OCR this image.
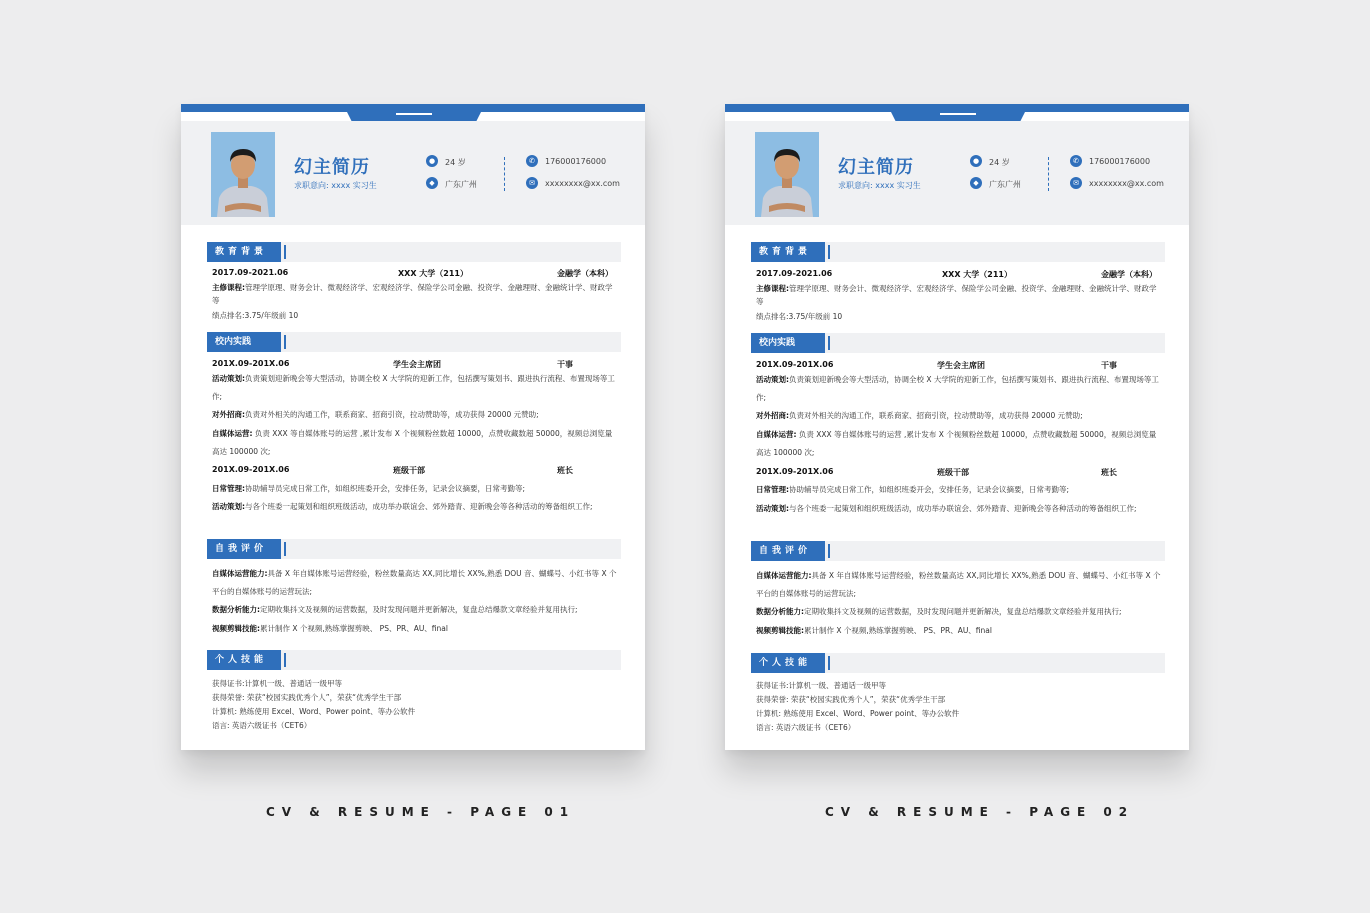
幻主简历
求职意向: xxxx 实习生
●	24 岁
◆	广东广州
✆	176000176000
✉	xxxxxxxx@xx.com
教育背景
2017.09-2021.06	XXX 大学（211）	金融学（本科）
主修课程:管理学原理、财务会计、微观经济学、宏观经济学、保险学公司金融、投资学、金融理财、金融统计学、财政学等
绩点排名:3.75/年级前 10
校内实践
201X.09-201X.06	学生会主席团	干事
活动策划:负责策划迎新晚会等大型活动，协调全校 X 大学院的迎新工作，包括撰写策划书、跟进执行流程、布置现场等工作;
对外招商:负责对外相关的沟通工作，联系商家、招商引资，拉动赞助等，成功获得 20000 元赞助;
自媒体运营: 负责 XXX 等自媒体账号的运营 ,累计发布 X 个视频粉丝数超 10000，点赞收藏数超 50000，视频总浏览量高达 100000 次;
201X.09-201X.06	班级干部	班长
日常管理:协助辅导员完成日常工作，如组织班委开会，安排任务，记录会议摘要，日常考勤等;
活动策划:与各个班委一起策划和组织班级活动，成功举办联谊会、郊外踏青、迎新晚会等各种活动的筹备组织工作;
自我评价
自媒体运营能力:具备 X 年自媒体账号运营经验，粉丝数量高达 XX,同比增长 XX%,熟悉 DOU 音、蝴蝶号、小红书等 X 个平台的自媒体账号的运营玩法;
数据分析能力:定期收集抖文及视频的运营数据，及时发现问题并更新解决，复盘总结爆款文章经验并复用执行;
视频剪辑技能:累计制作 X 个视频,熟练掌握剪映、 PS、PR、AU、final
个人技能
获得证书:计算机一级、普通话一级甲等
获得荣誉: 荣获“校园实践优秀个人”，荣获“优秀学生干部
计算机: 熟练使用 Excel、Word、Power point、等办公软件
语言: 英语六级证书（CET6）
幻主简历
求职意向: xxxx 实习生
●	24 岁
◆	广东广州
✆	176000176000
✉	xxxxxxxx@xx.com
教育背景
2017.09-2021.06	XXX 大学（211）	金融学（本科）
主修课程:管理学原理、财务会计、微观经济学、宏观经济学、保险学公司金融、投资学、金融理财、金融统计学、财政学等
绩点排名:3.75/年级前 10
校内实践
201X.09-201X.06	学生会主席团	干事
活动策划:负责策划迎新晚会等大型活动，协调全校 X 大学院的迎新工作，包括撰写策划书、跟进执行流程、布置现场等工作;
对外招商:负责对外相关的沟通工作，联系商家、招商引资，拉动赞助等，成功获得 20000 元赞助;
自媒体运营: 负责 XXX 等自媒体账号的运营 ,累计发布 X 个视频粉丝数超 10000，点赞收藏数超 50000，视频总浏览量高达 100000 次;
201X.09-201X.06	班级干部	班长
日常管理:协助辅导员完成日常工作，如组织班委开会，安排任务，记录会议摘要，日常考勤等;
活动策划:与各个班委一起策划和组织班级活动，成功举办联谊会、郊外踏青、迎新晚会等各种活动的筹备组织工作;
自我评价
自媒体运营能力:具备 X 年自媒体账号运营经验，粉丝数量高达 XX,同比增长 XX%,熟悉 DOU 音、蝴蝶号、小红书等 X 个平台的自媒体账号的运营玩法;
数据分析能力:定期收集抖文及视频的运营数据，及时发现问题并更新解决，复盘总结爆款文章经验并复用执行;
视频剪辑技能:累计制作 X 个视频,熟练掌握剪映、 PS、PR、AU、final
个人技能
获得证书:计算机一级、普通话一级甲等
获得荣誉: 荣获“校园实践优秀个人”，荣获“优秀学生干部
计算机: 熟练使用 Excel、Word、Power point、等办公软件
语言: 英语六级证书（CET6）
CV & RESUME - PAGE 01	CV & RESUME - PAGE 02
